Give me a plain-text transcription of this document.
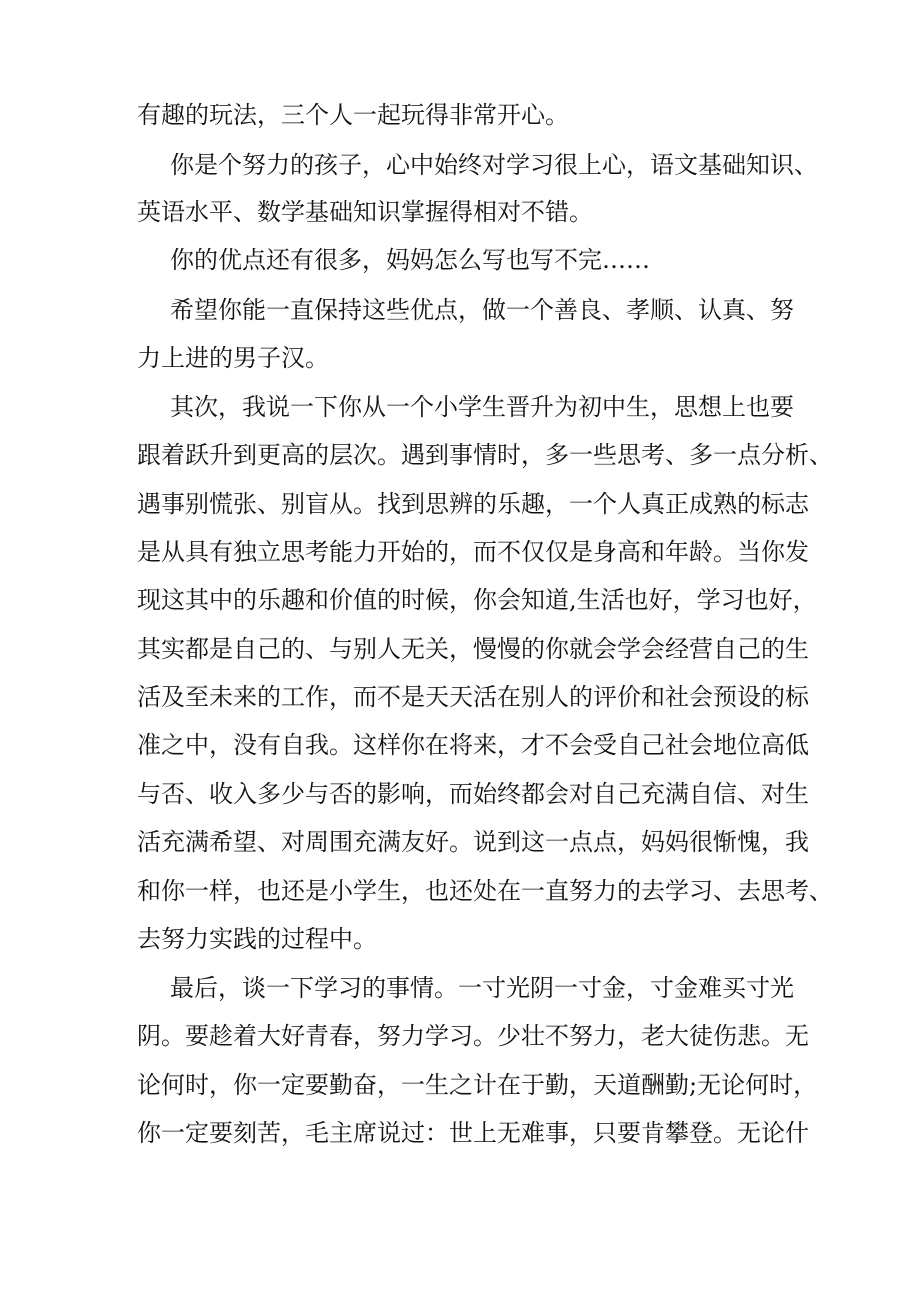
有趣的玩法，三个人一起玩得非常开心。
你是个努力的孩子，心中始终对学习很上心，语文基础知识、
英语水平、数学基础知识掌握得相对不错。
你的优点还有很多，妈妈怎么写也写不完……
希望你能一直保持这些优点，做一个善良、孝顺、认真、努
力上进的男子汉。
其次，我说一下你从一个小学生晋升为初中生，思想上也要
跟着跃升到更高的层次。遇到事情时，多一些思考、多一点分析、
遇事别慌张、别盲从。找到思辨的乐趣，一个人真正成熟的标志
是从具有独立思考能力开始的，而不仅仅是身高和年龄。当你发
现这其中的乐趣和价值的时候，你会知道,生活也好，学习也好，
其实都是自己的、与别人无关，慢慢的你就会学会经营自己的生
活及至未来的工作，而不是天天活在别人的评价和社会预设的标
准之中，没有自我。这样你在将来，才不会受自己社会地位高低
与否、收入多少与否的影响，而始终都会对自己充满自信、对生
活充满希望、对周围充满友好。说到这一点点，妈妈很惭愧，我
和你一样，也还是小学生，也还处在一直努力的去学习、去思考、
去努力实践的过程中。
最后，谈一下学习的事情。一寸光阴一寸金，寸金难买寸光
阴。要趁着大好青春，努力学习。少壮不努力，老大徒伤悲。无
论何时，你一定要勤奋，一生之计在于勤，天道酬勤;无论何时，
你一定要刻苦，毛主席说过：世上无难事，只要肯攀登。无论什
